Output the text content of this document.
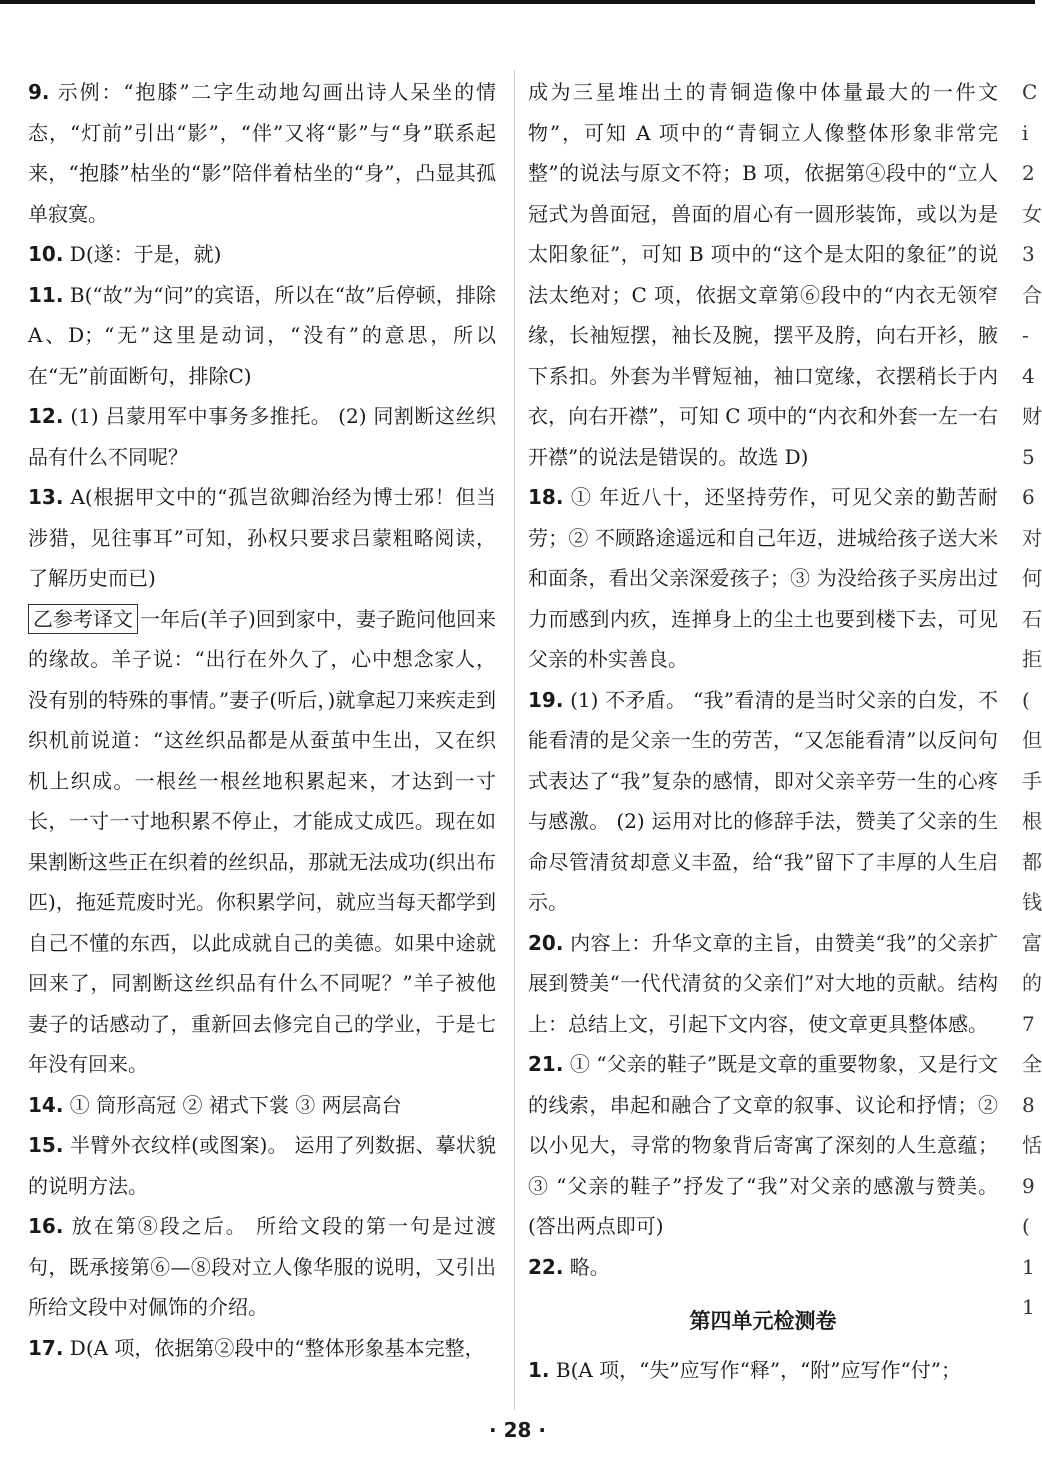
9. 示例：“抱膝”二字生动地勾画出诗人呆坐的情态，“灯前”引出“影”，“伴”又将“影”与“身”联系起来，“抱膝”枯坐的“影”陪伴着枯坐的“身”，凸显其孤单寂寞。

10. D(遂：于是，就)

11. B(“故”为“问”的宾语，所以在“故”后停顿，排除A、D；“无”这里是动词，“没有”的意思，所以在“无”前面断句，排除C)

12. (1) 吕蒙用军中事务多推托。 (2) 同割断这丝织品有什么不同呢？

13. A(根据甲文中的“孤岂欲卿治经为博士邪！但当涉猎，见往事耳”可知，孙权只要求吕蒙粗略阅读，了解历史而已)

乙参考译文 一年后(羊子)回到家中，妻子跪问他回来的缘故。羊子说：“出行在外久了，心中想念家人，没有别的特殊的事情。”妻子(听后，)就拿起刀来疾走到织机前说道：“这丝织品都是从蚕茧中生出，又在织机上织成。一根丝一根丝地积累起来，才达到一寸长，一寸一寸地积累不停止，才能成丈成匹。现在如果割断这些正在织着的丝织品，那就无法成功(织出布匹)，拖延荒废时光。你积累学问，就应当每天都学到自己不懂的东西，以此成就自己的美德。如果中途就回来了，同割断这丝织品有什么不同呢？”羊子被他妻子的话感动了，重新回去修完自己的学业，于是七年没有回来。

14. ① 筒形高冠 ② 裙式下裳 ③ 两层高台

15. 半臂外衣纹样(或图案)。 运用了列数据、摹状貌的说明方法。

16. 放在第⑧段之后。 所给文段的第一句是过渡句，既承接第⑥—⑧段对立人像华服的说明，又引出所给文段中对佩饰的介绍。

17. D(A 项，依据第②段中的“整体形象基本完整，

成为三星堆出土的青铜造像中体量最大的一件文物”，可知 A 项中的“青铜立人像整体形象非常完整”的说法与原文不符；B 项，依据第④段中的“立人冠式为兽面冠，兽面的眉心有一圆形装饰，或以为是太阳象征”，可知 B 项中的“这个是太阳的象征”的说法太绝对；C 项，依据文章第⑥段中的“内衣无领窄缘，长袖短摆，袖长及腕，摆平及胯，向右开衫，腋下系扣。外套为半臂短袖，袖口宽缘，衣摆稍长于内衣，向右开襟”，可知 C 项中的“内衣和外套一左一右开襟”的说法是错误的。故选 D)

18. ① 年近八十，还坚持劳作，可见父亲的勤苦耐劳；② 不顾路途遥远和自己年迈，进城给孩子送大米和面条，看出父亲深爱孩子；③ 为没给孩子买房出过力而感到内疚，连掸身上的尘土也要到楼下去，可见父亲的朴实善良。

19. (1) 不矛盾。 “我”看清的是当时父亲的白发，不能看清的是父亲一生的劳苦，“又怎能看清”以反问句式表达了“我”复杂的感情，即对父亲辛劳一生的心疼与感激。 (2) 运用对比的修辞手法，赞美了父亲的生命尽管清贫却意义丰盈，给“我”留下了丰厚的人生启示。

20. 内容上：升华文章的主旨，由赞美“我”的父亲扩展到赞美“一代代清贫的父亲们”对大地的贡献。结构上：总结上文，引起下文内容，使文章更具整体感。

21. ① “父亲的鞋子”既是文章的重要物象，又是行文的线索，串起和融合了文章的叙事、议论和抒情；② 以小见大，寻常的物象背后寄寓了深刻的人生意蕴；③ “父亲的鞋子”抒发了“我”对父亲的感激与赞美。(答出两点即可)

22. 略。

第四单元检测卷

1. B(A 项，“失”应写作“释”，“附”应写作“付”；

C
i
2
女
3
合
-
4
财
5
6
对
何
石
拒
(
但
手
根
都
钱
富
的
7
全
8
恬
9
(
1
1
· 28 ·
